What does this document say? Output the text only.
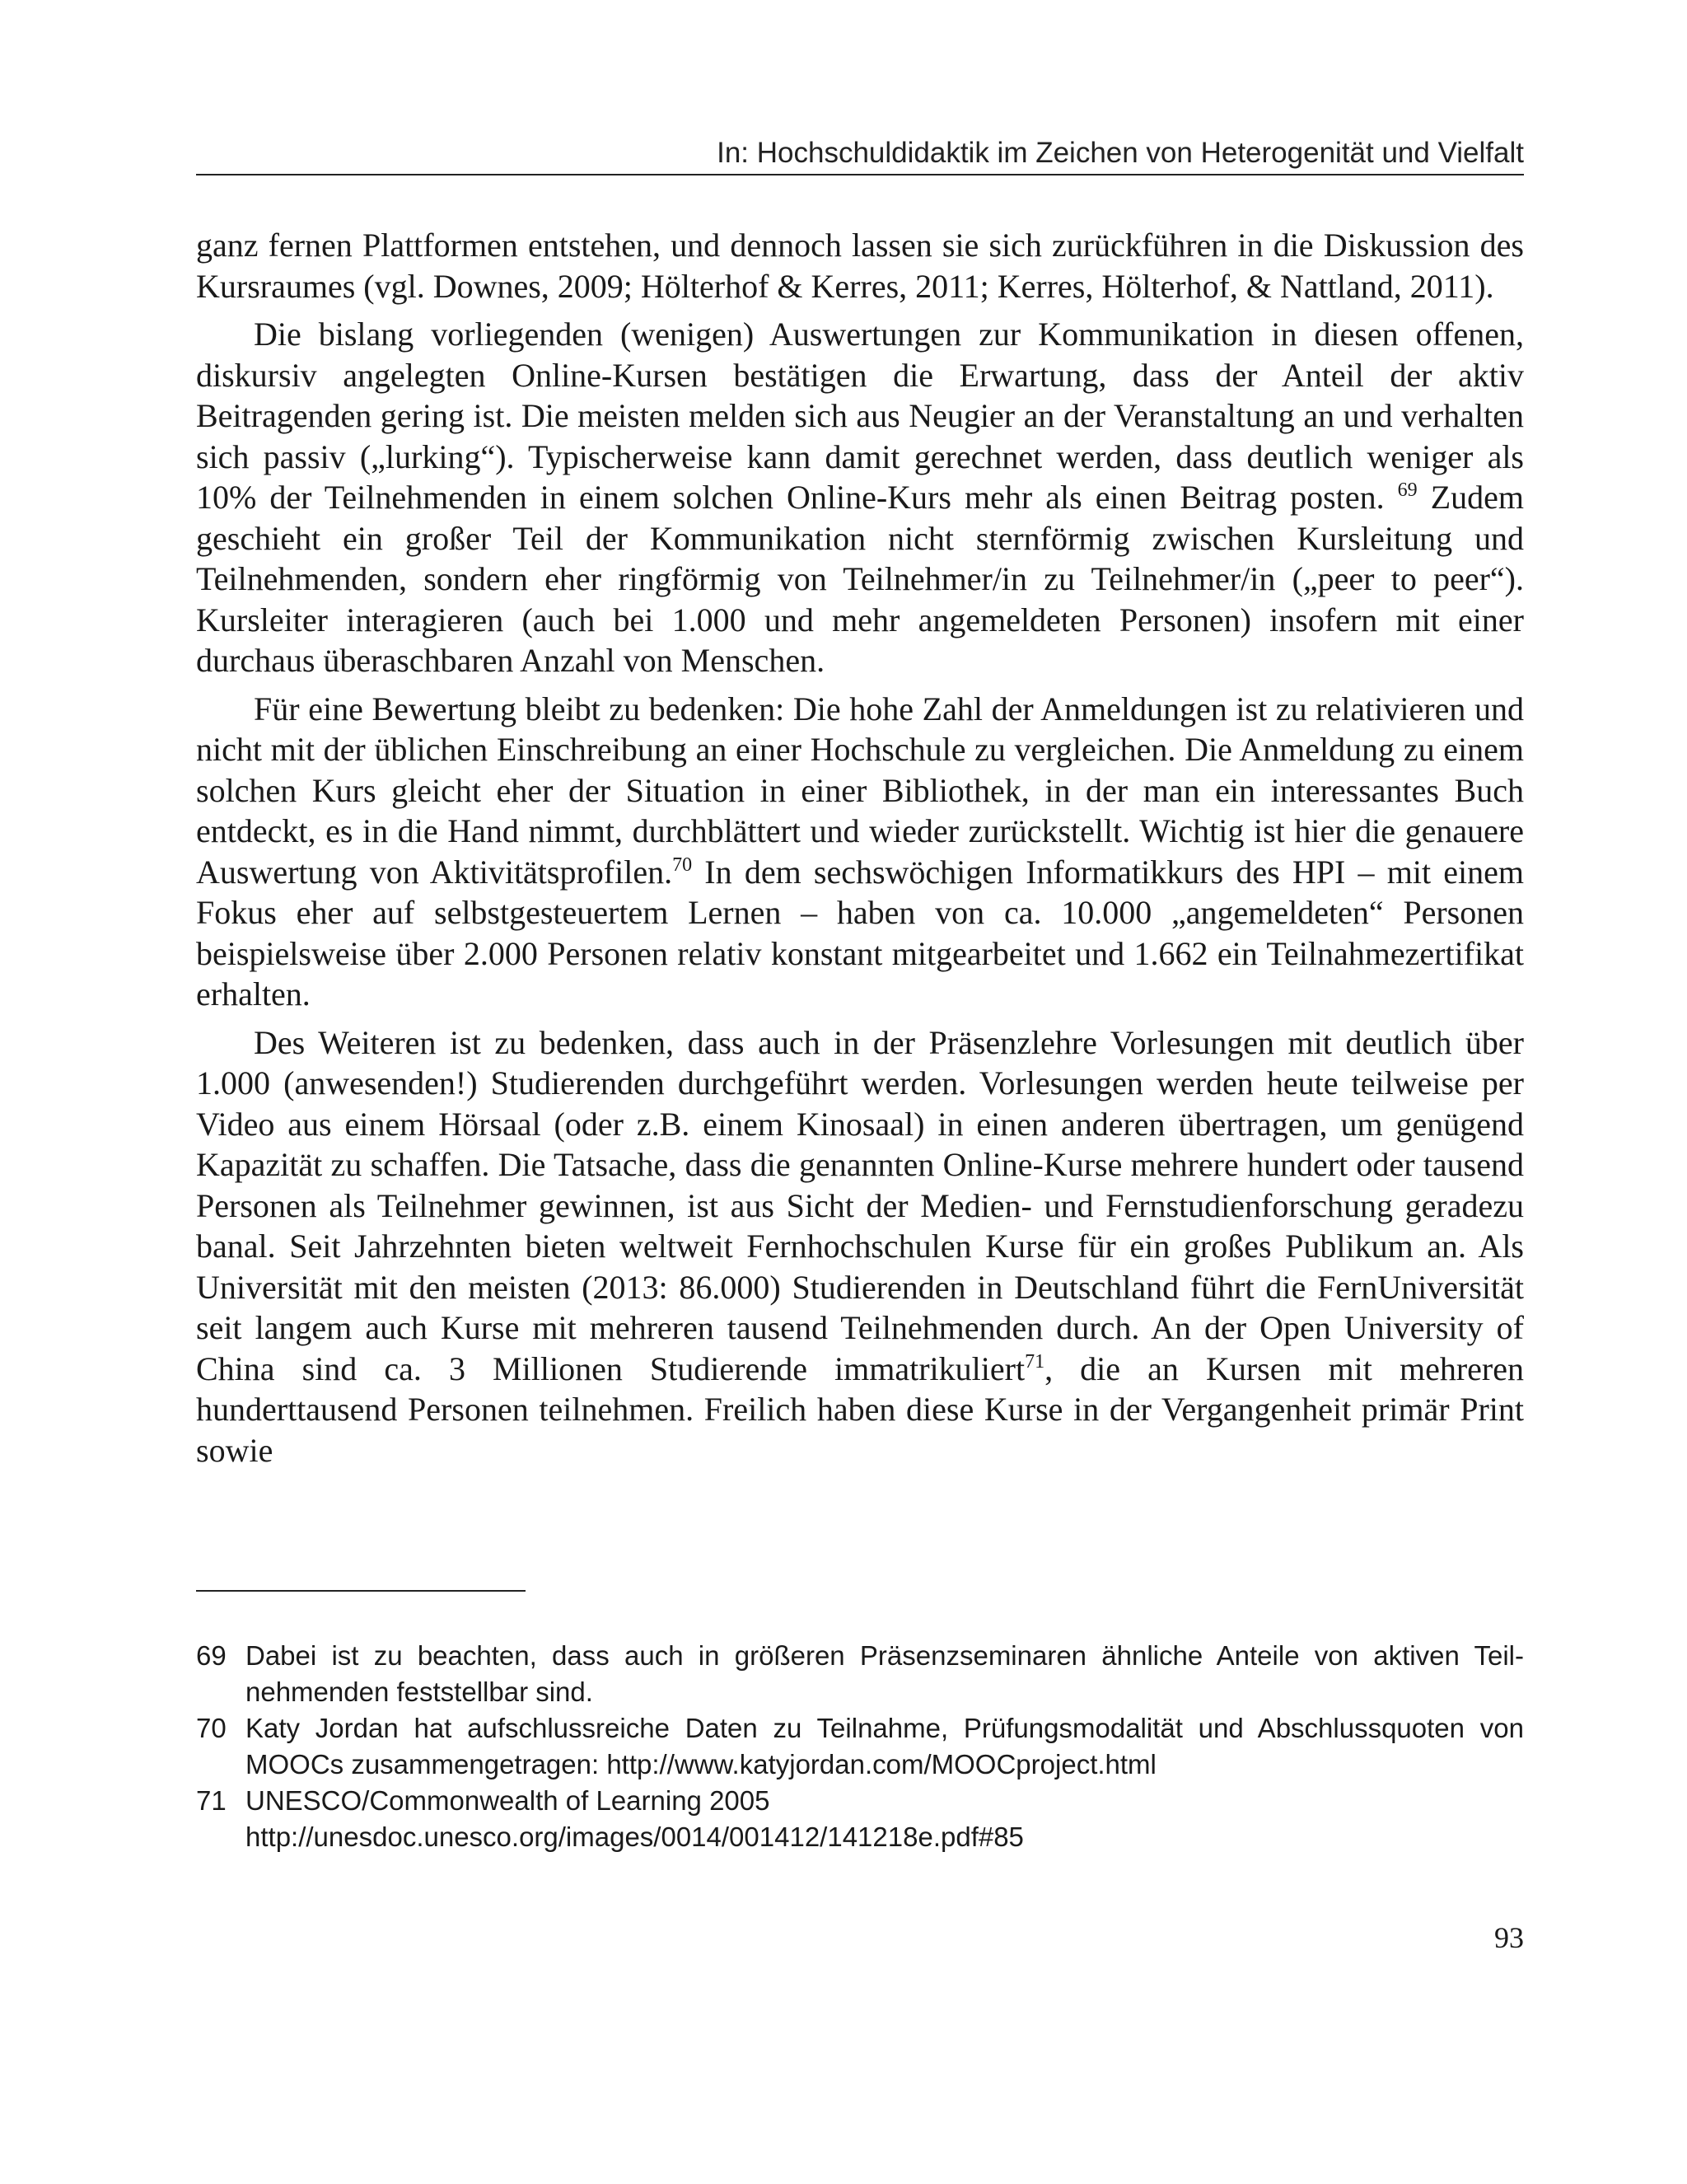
In: Hochschuldidaktik im Zeichen von Heterogenität und Vielfalt

ganz fernen Plattformen entstehen, und dennoch lassen sie sich zurückführen in die Diskussion des Kursraumes (vgl. Downes, 2009; Hölterhof & Kerres, 2011; Kerres, Hölterhof, & Nattland, 2011).

Die bislang vorliegenden (wenigen) Auswertungen zur Kommunikation in diesen offenen, diskursiv angelegten Online-Kursen bestätigen die Erwartung, dass der Anteil der aktiv Beitragenden gering ist. Die meisten melden sich aus Neugier an der Veranstaltung an und verhalten sich passiv („lurking“). Typischerweise kann damit gerechnet werden, dass deutlich weniger als 10% der Teilnehmenden in einem solchen Online-Kurs mehr als einen Beitrag posten. $^{69}$ Zudem geschieht ein großer Teil der Kommunikation nicht sternförmig zwischen Kursleitung und Teilnehmenden, sondern eher ringförmig von Teilnehmer/in zu Teilnehmer/in („peer to peer“). Kursleiter interagieren (auch bei 1.000 und mehr angemeldeten Personen) insofern mit einer durchaus überaschbaren Anzahl von Menschen.

Für eine Bewertung bleibt zu bedenken: Die hohe Zahl der Anmeldungen ist zu relativieren und nicht mit der üblichen Einschreibung an einer Hochschule zu vergleichen. Die Anmeldung zu einem solchen Kurs gleicht eher der Situation in einer Bibliothek, in der man ein interessantes Buch entdeckt, es in die Hand nimmt, durchblättert und wieder zurückstellt. Wichtig ist hier die genauere Auswertung von Aktivitätsprofilen.$^{70}$ In dem sechswöchigen Informatikkurs des HPI – mit einem Fokus eher auf selbstgesteuertem Lernen – haben von ca. 10.000 „angemeldeten“ Personen beispielsweise über 2.000 Personen relativ konstant mitgearbeitet und 1.662 ein Teilnahmezertifikat erhalten.

Des Weiteren ist zu bedenken, dass auch in der Präsenzlehre Vorlesungen mit deutlich über 1.000 (anwesenden!) Studierenden durchgeführt werden. Vorlesungen werden heute teilweise per Video aus einem Hörsaal (oder z.B. einem Kinosaal) in einen anderen übertragen, um genügend Kapazität zu schaffen. Die Tatsache, dass die genannten Online-Kurse mehrere hundert oder tausend Personen als Teilnehmer gewinnen, ist aus Sicht der Medien- und Fernstudienforschung geradezu banal. Seit Jahrzehnten bieten weltweit Fernhochschulen Kurse für ein großes Publikum an. Als Universität mit den meisten (2013: 86.000) Studierenden in Deutschland führt die FernUniversität seit langem auch Kurse mit mehreren tausend Teilnehmenden durch. An der Open University of China sind ca. 3 Millionen Studierende immatrikuliert$^{71}$, die an Kursen mit mehreren hunderttausend Personen teilnehmen. Freilich haben diese Kurse in der Vergangenheit primär Print sowie

69 Dabei ist zu beachten, dass auch in größeren Präsenzseminaren ähnliche Anteile von aktiven Teilnehmenden feststellbar sind.
70 Katy Jordan hat aufschlussreiche Daten zu Teilnahme, Prüfungsmodalität und Abschlussquoten von MOOCs zusammengetragen: http://www.katyjordan.com/MOOCproject.html
71 UNESCO/Commonwealth of Learning 2005
http://unesdoc.unesco.org/images/0014/001412/141218e.pdf#85
93
